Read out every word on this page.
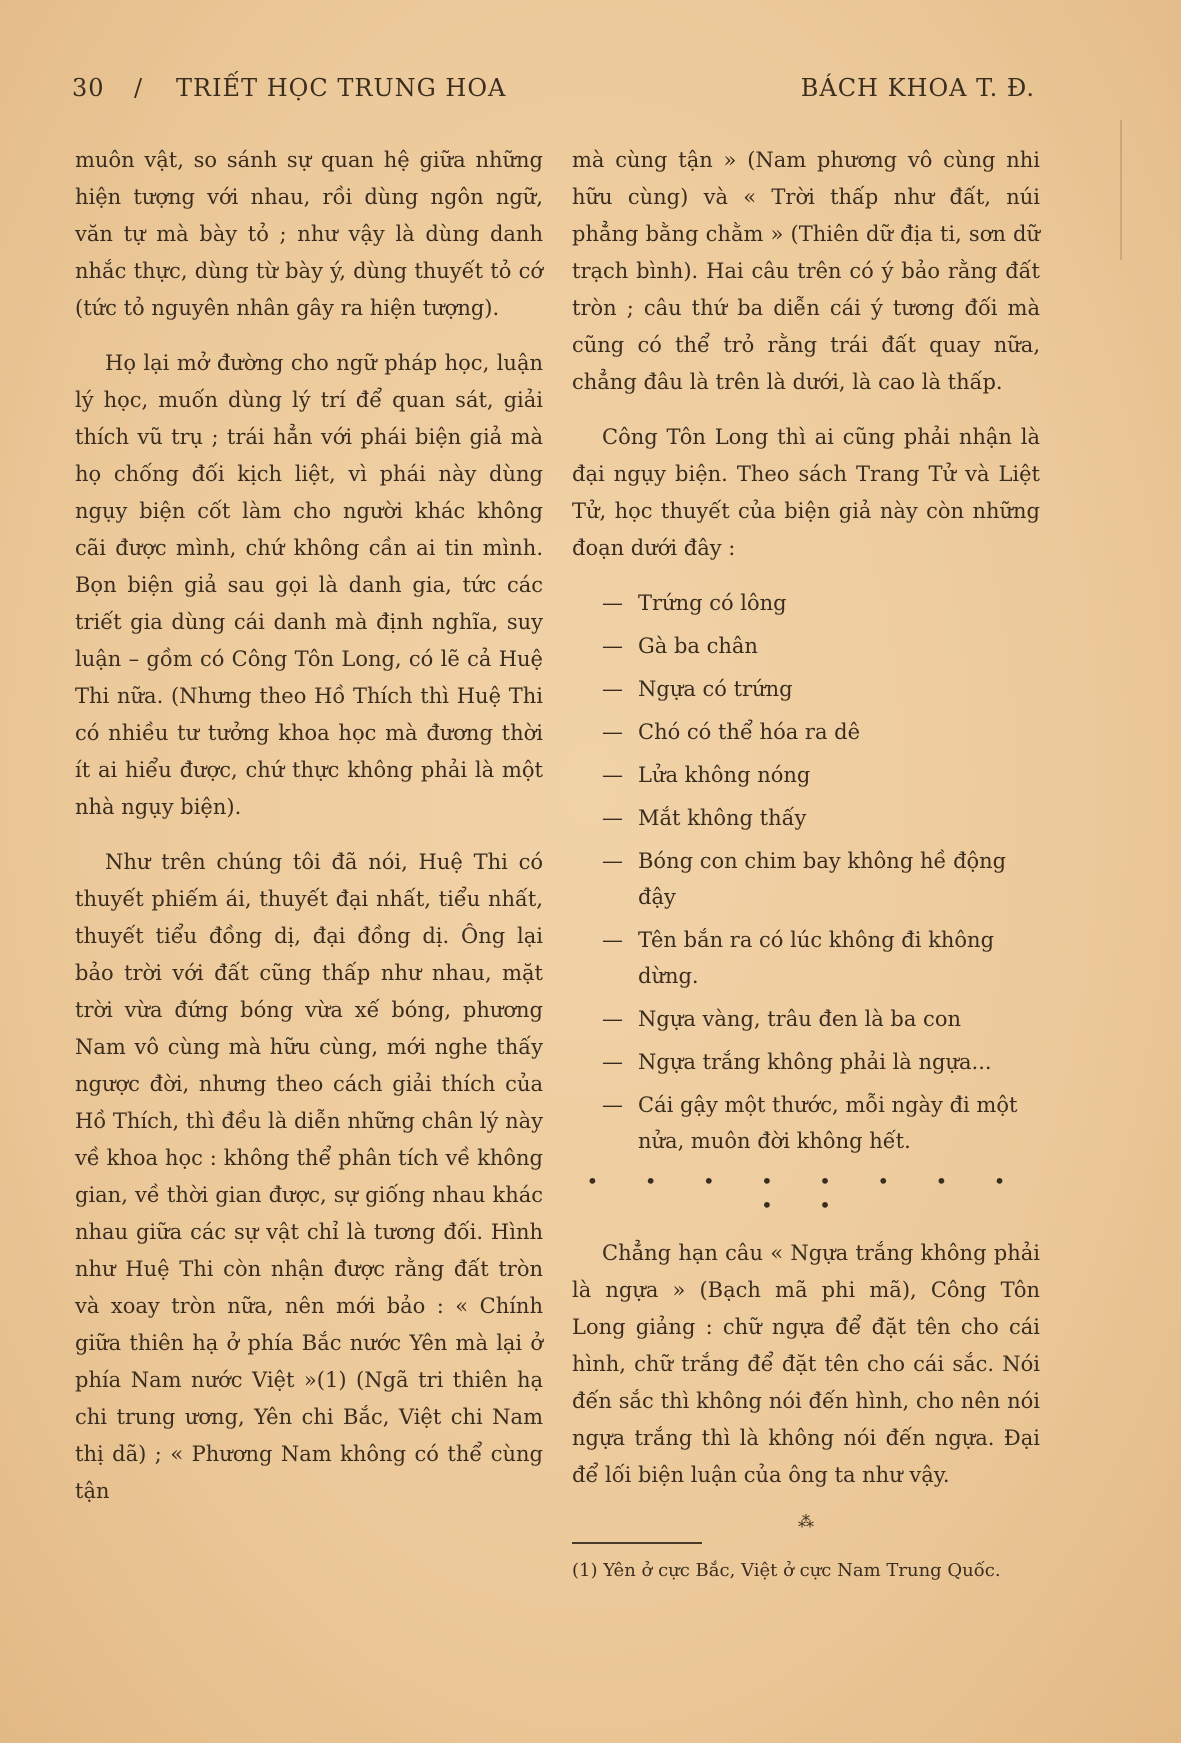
30 / TRIẾT HỌC TRUNG HOA	BÁCH KHOA T. Đ.

muôn vật, so sánh sự quan hệ giữa những hiện tượng với nhau, rồi dùng ngôn ngữ, văn tự mà bày tỏ ; như vậy là dùng danh nhắc thực, dùng từ bày ý, dùng thuyết tỏ cớ (tức tỏ nguyên nhân gây ra hiện tượng).

Họ lại mở đường cho ngữ pháp học, luận lý học, muốn dùng lý trí để quan sát, giải thích vũ trụ ; trái hẳn với phái biện giả mà họ chống đối kịch liệt, vì phái này dùng ngụy biện cốt làm cho người khác không cãi được mình, chứ không cần ai tin mình. Bọn biện giả sau gọi là danh gia, tức các triết gia dùng cái danh mà định nghĩa, suy luận – gồm có Công Tôn Long, có lẽ cả Huệ Thi nữa. (Nhưng theo Hồ Thích thì Huệ Thi có nhiều tư tưởng khoa học mà đương thời ít ai hiểu được, chứ thực không phải là một nhà ngụy biện).

Như trên chúng tôi đã nói, Huệ Thi có thuyết phiếm ái, thuyết đại nhất, tiểu nhất, thuyết tiểu đồng dị, đại đồng dị. Ông lại bảo trời với đất cũng thấp như nhau, mặt trời vừa đứng bóng vừa xế bóng, phương Nam vô cùng mà hữu cùng, mới nghe thấy ngược đời, nhưng theo cách giải thích của Hồ Thích, thì đều là diễn những chân lý này về khoa học : không thể phân tích về không gian, về thời gian được, sự giống nhau khác nhau giữa các sự vật chỉ là tương đối. Hình như Huệ Thi còn nhận được rằng đất tròn và xoay tròn nữa, nên mới bảo : « Chính giữa thiên hạ ở phía Bắc nước Yên mà lại ở phía Nam nước Việt »(1) (Ngã tri thiên hạ chi trung ương, Yên chi Bắc, Việt chi Nam thị dã) ; « Phương Nam không có thể cùng tận

mà cùng tận » (Nam phương vô cùng nhi hữu cùng) và « Trời thấp như đất, núi phẳng bằng chằm » (Thiên dữ địa ti, sơn dữ trạch bình). Hai câu trên có ý bảo rằng đất tròn ; câu thứ ba diễn cái ý tương đối mà cũng có thể trỏ rằng trái đất quay nữa, chẳng đâu là trên là dưới, là cao là thấp.

Công Tôn Long thì ai cũng phải nhận là đại ngụy biện. Theo sách Trang Tử và Liệt Tử, học thuyết của biện giả này còn những đoạn dưới đây :

— Trứng có lông
— Gà ba chân
— Ngựa có trứng
— Chó có thể hóa ra dê
— Lửa không nóng
— Mắt không thấy
— Bóng con chim bay không hề động đậy
— Tên bắn ra có lúc không đi không dừng.
— Ngựa vàng, trâu đen là ba con
— Ngựa trắng không phải là ngựa...
— Cái gậy một thước, mỗi ngày đi một nửa, muôn đời không hết.
• • • • • • • • • •

Chẳng hạn câu « Ngựa trắng không phải là ngựa » (Bạch mã phi mã), Công Tôn Long giảng : chữ ngựa để đặt tên cho cái hình, chữ trắng để đặt tên cho cái sắc. Nói đến sắc thì không nói đến hình, cho nên nói ngựa trắng thì là không nói đến ngựa. Đại để lối biện luận của ông ta như vậy.

⁂
(1) Yên ở cực Bắc, Việt ở cực Nam Trung Quốc.
